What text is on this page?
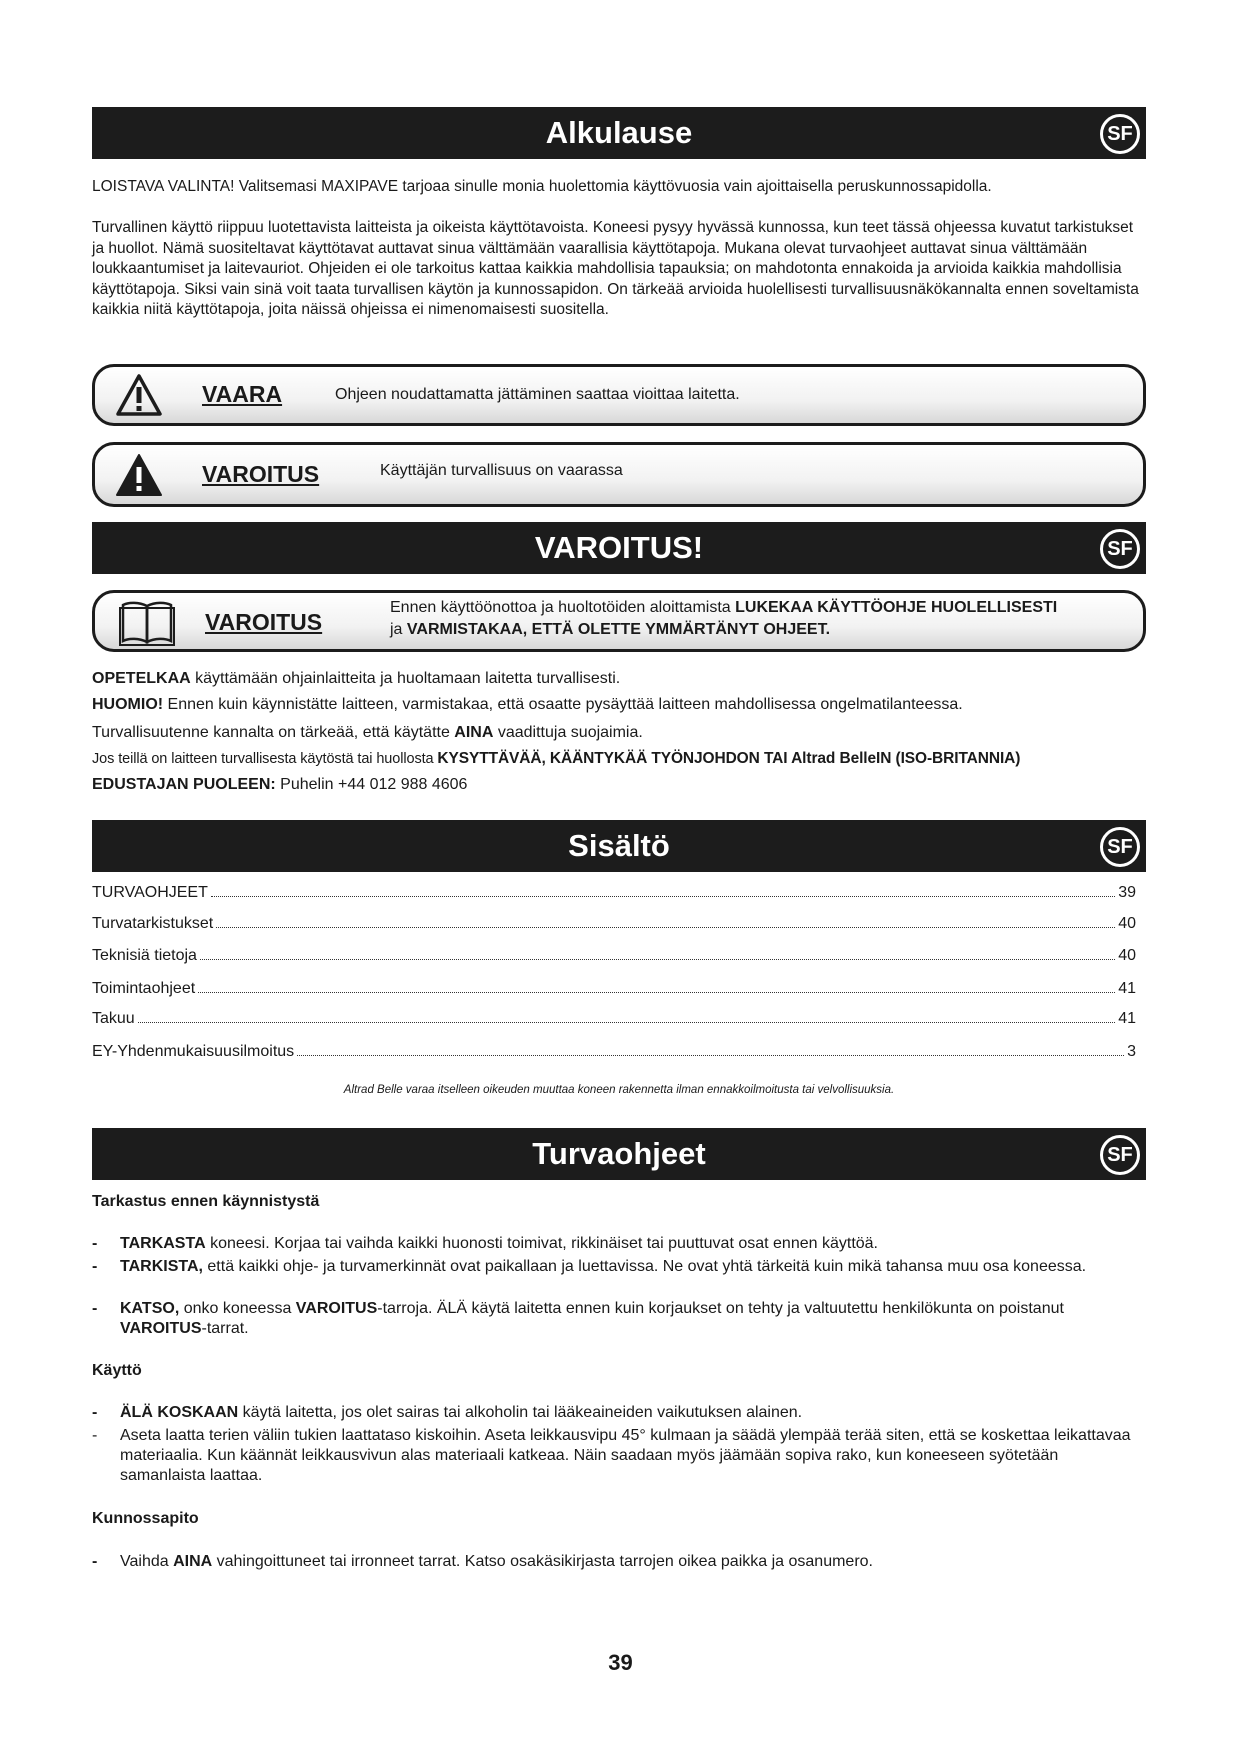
Alkulause	SF

LOISTAVA VALINTA! Valitsemasi MAXIPAVE tarjoaa sinulle monia huolettomia käyttövuosia vain ajoittaisella peruskunnossapidolla.

Turvallinen käyttö riippuu luotettavista laitteista ja oikeista käyttötavoista. Koneesi pysyy hyvässä kunnossa, kun teet tässä ohjeessa kuvatut tarkistukset ja huollot. Nämä suositeltavat käyttötavat auttavat sinua välttämään vaarallisia käyttötapoja. Mukana olevat turvaohjeet auttavat sinua välttämään loukkaantumiset ja laitevauriot. Ohjeiden ei ole tarkoitus kattaa kaikkia mahdollisia tapauksia; on mahdotonta ennakoida ja arvioida kaikkia mahdollisia käyttötapoja. Siksi vain sinä voit taata turvallisen käytön ja kunnossapidon. On tärkeää arvioida huolellisesti turvallisuusnäkökannalta ennen soveltamista kaikkia niitä käyttötapoja, joita näissä ohjeissa ei nimenomaisesti suositella.

VAARA	Ohjeen noudattamatta jättäminen saattaa vioittaa laitetta.
VAROITUS	Käyttäjän turvallisuus on vaarassa
VAROITUS!	SF
VAROITUS
Ennen käyttöönottoa ja huoltotöiden aloittamista LUKEKAA KÄYTTÖOHJE HUOLELLISESTI
ja VARMISTAKAA, ETTÄ OLETTE YMMÄRTÄNYT OHJEET.
OPETELKAA käyttämään ohjainlaitteita ja huoltamaan laitetta turvallisesti.
HUOMIO! Ennen kuin käynnistätte laitteen, varmistakaa, että osaatte pysäyttää laitteen mahdollisessa ongelmatilanteessa.
Turvallisuutenne kannalta on tärkeää, että käytätte AINA vaadittuja suojaimia.
Jos teillä on laitteen turvallisesta käytöstä tai huollosta KYSYTTÄVÄÄ, KÄÄNTYKÄÄ TYÖNJOHDON TAI Altrad BelleIN (ISO-BRITANNIA)
EDUSTAJAN PUOLEEN: Puhelin +44 012 988 4606
Sisältö	SF
TURVAOHJEET	39
Turvatarkistukset	40
Teknisiä tietoja	40
Toimintaohjeet	41
Takuu	41
EY-Yhdenmukaisuusilmoitus	3
Altrad Belle varaa itselleen oikeuden muuttaa koneen rakennetta ilman ennakkoilmoitusta tai velvollisuuksia.
Turvaohjeet	SF
Tarkastus ennen käynnistystä
-	TARKASTA koneesi. Korjaa tai vaihda kaikki huonosti toimivat, rikkinäiset tai puuttuvat osat ennen käyttöä.
-	TARKISTA, että kaikki ohje- ja turvamerkinnät ovat paikallaan ja luettavissa. Ne ovat yhtä tärkeitä kuin mikä tahansa muu osa koneessa.
-	KATSO, onko koneessa VAROITUS-tarroja. ÄLÄ käytä laitetta ennen kuin korjaukset on tehty ja valtuutettu henkilökunta on poistanut VAROITUS-tarrat.
Käyttö
-	ÄLÄ KOSKAAN käytä laitetta, jos olet sairas tai alkoholin tai lääkeaineiden vaikutuksen alainen.
-	Aseta laatta terien väliin tukien laattataso kiskoihin. Aseta leikkausvipu 45° kulmaan ja säädä ylempää terää siten, että se koskettaa leikattavaa materiaalia. Kun käännät leikkausvivun alas materiaali katkeaa. Näin saadaan myös jäämään sopiva rako, kun koneeseen syötetään samanlaista laattaa.
Kunnossapito
-	Vaihda AINA vahingoittuneet tai irronneet tarrat. Katso osakäsikirjasta tarrojen oikea paikka ja osanumero.
39
